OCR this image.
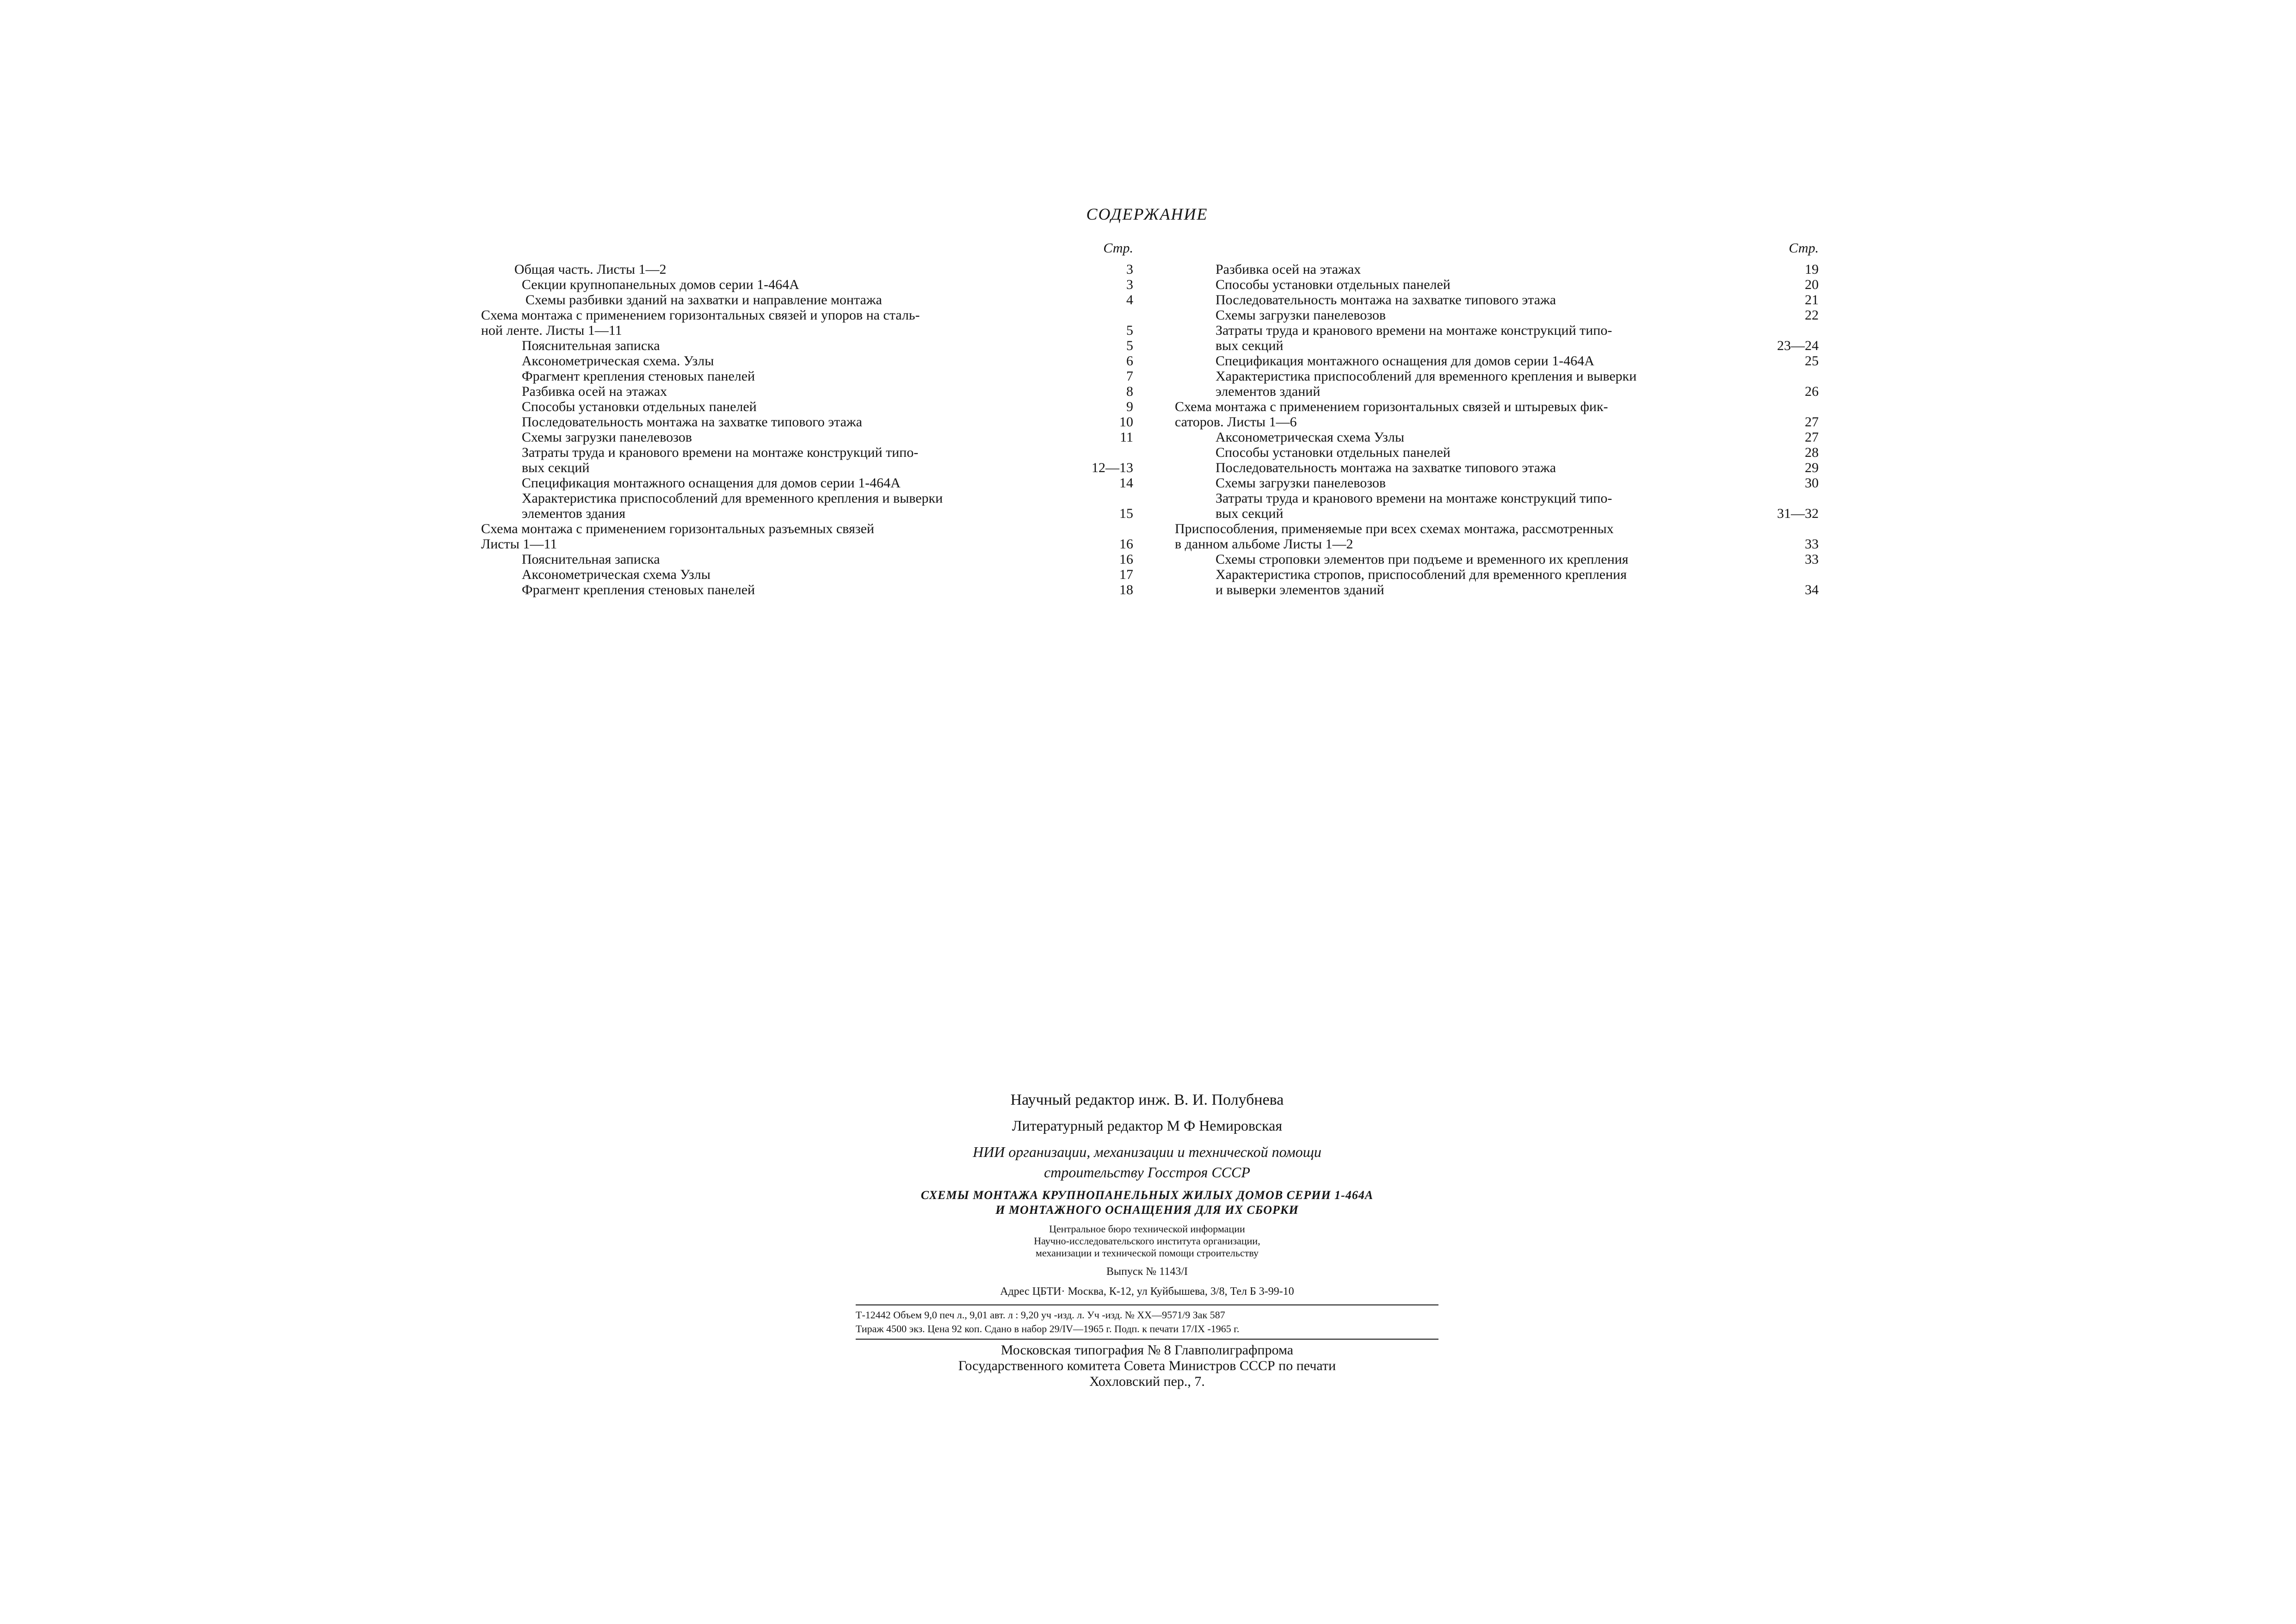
СОДЕРЖАНИЕ
Стр.
Общая часть. Листы 1—2	3
Секции крупнопанельных домов серии 1-464А	3
Схемы разбивки зданий на захватки и направление монтажа	4
Схема монтажа с применением горизонтальных связей и упоров на сталь-
ной ленте. Листы 1—11	5
Пояснительная записка	5
Аксонометрическая схема. Узлы	6
Фрагмент крепления стеновых панелей	7
Разбивка осей на этажах	8
Способы установки отдельных панелей	9
Последовательность монтажа на захватке типового этажа	10
Схемы загрузки панелевозов	11
Затраты труда и кранового времени на монтаже конструкций типо-
вых секций	12—13
Спецификация монтажного оснащения для домов серии 1-464А	14
Характеристика приспособлений для временного крепления и выверки
элементов здания	15
Схема монтажа с применением горизонтальных разъемных связей
Листы 1—11	16
Пояснительная записка	16
Аксонометрическая схема Узлы	17
Фрагмент крепления стеновых панелей	18
Стр.
Разбивка осей на этажах	19
Способы установки отдельных панелей	20
Последовательность монтажа на захватке типового этажа	21
Схемы загрузки панелевозов	22
Затраты труда и кранового времени на монтаже конструкций типо-
вых секций	23—24
Спецификация монтажного оснащения для домов серии 1-464А	25
Характеристика приспособлений для временного крепления и выверки
элементов зданий	26
Схема монтажа с применением горизонтальных связей и штыревых фик-
саторов. Листы 1—6	27
Аксонометрическая схема Узлы	27
Способы установки отдельных панелей	28
Последовательность монтажа на захватке типового этажа	29
Схемы загрузки панелевозов	30
Затраты труда и кранового времени на монтаже конструкций типо-
вых секций	31—32
Приспособления, применяемые при всех схемах монтажа, рассмотренных
в данном альбоме Листы 1—2	33
Схемы строповки элементов при подъеме и временного их крепления	33
Характеристика стропов, приспособлений для временного крепления
и выверки элементов зданий	34
Научный редактор инж. В. И. Полубнева
Литературный редактор М Ф Немировская
НИИ организации, механизации и технической помощи
строительству Госстроя СССР
СХЕМЫ МОНТАЖА КРУПНОПАНЕЛЬНЫХ ЖИЛЫХ ДОМОВ СЕРИИ 1-464А
И МОНТАЖНОГО ОСНАЩЕНИЯ ДЛЯ ИХ СБОРКИ
Центральное бюро технической информации
Научно-исследовательского института организации,
механизации и технической помощи строительству
Выпуск № 1143/I
Адрес ЦБТИ· Москва, К-12, ул Куйбышева, 3/8, Тел Б 3-99-10
Т-12442 Объем 9,0 печ л., 9,01 авт. л : 9,20 уч -изд. л. Уч -изд. № ХХ—9571/9 Зак 587
Тираж 4500 экз. Цена 92 коп. Сдано в набор 29/IV—1965 г. Подп. к печати 17/IX -1965 г.
Московская типография № 8 Главполиграфпрома
Государственного комитета Совета Министров СССР по печати
Хохловский пер., 7.
